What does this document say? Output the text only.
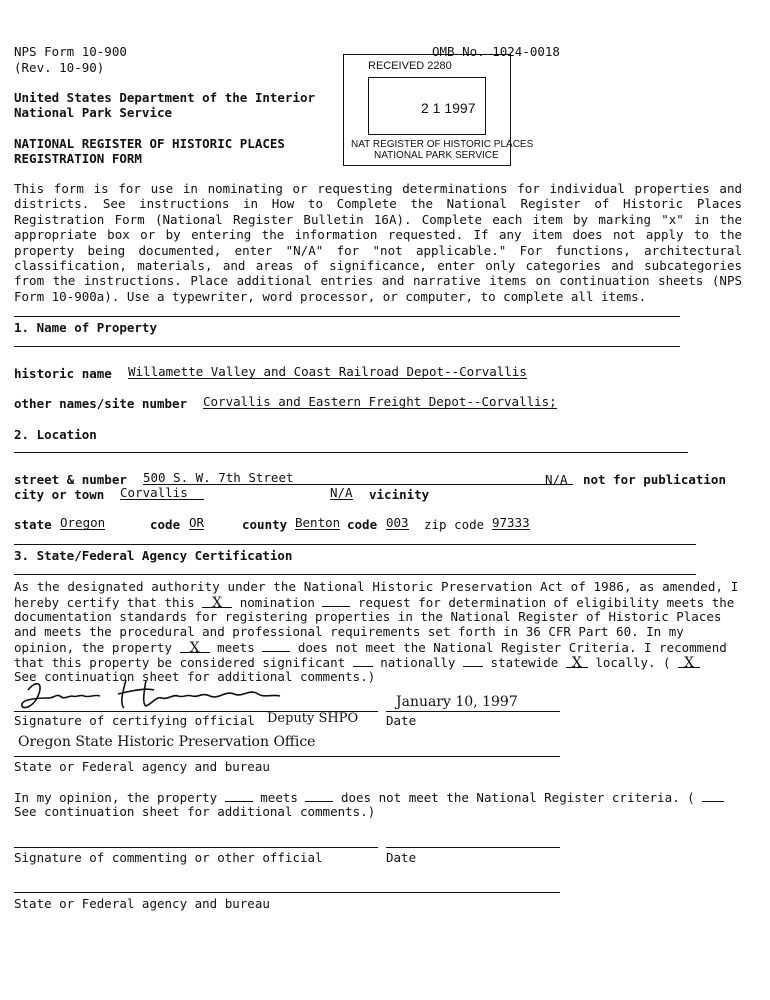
NPS Form 10-900
(Rev. 10-90)
OMB No. 1024-0018
United States Department of the Interior
National Park Service
NATIONAL REGISTER OF HISTORIC PLACES
REGISTRATION FORM
RECEIVED 2280
2 1 1997
NAT REGISTER OF HISTORIC PLACES
NATIONAL PARK SERVICE
This form is for use in nominating or requesting determinations for individual properties and
districts. See instructions in How to Complete the National Register of Historic Places
Registration Form (National Register Bulletin 16A). Complete each item by marking "x" in the
appropriate box or by entering the information requested. If any item does not apply to the
property being documented, enter "N/A" for "not applicable." For functions, architectural
classification, materials, and areas of significance, enter only categories and subcategories
from the instructions. Place additional entries and narrative items on continuation sheets (NPS
Form 10-900a). Use a typewriter, word processor, or computer, to complete all items.
1. Name of Property
historic name Willamette Valley and Coast Railroad Depot--Corvallis
other names/site number Corvallis and Eastern Freight Depot--Corvallis;
2. Location
street & number 500 S. W. 7th Street	N/A not for publication
city or town Corvallis	N/A vicinity
state Oregon	code OR	county Benton code 003 zip code 97333
3. State/Federal Agency Certification
As the designated authority under the National Historic Preservation Act of 1986, as amended, I
hereby certify that this X nomination	request for determination of eligibility meets the
documentation standards for registering properties in the National Register of Historic Places
and meets the procedural and professional requirements set forth in 36 CFR Part 60. In my
opinion, the property X meets	does not meet the National Register Criteria. I recommend
that this property be considered significant	nationally	statewide X locally. ( X
See continuation sheet for additional comments.)
January 10, 1997
Signature of certifying official Deputy SHPO Date
Oregon State Historic Preservation Office
State or Federal agency and bureau
In my opinion, the property	meets	does not meet the National Register criteria. (
See continuation sheet for additional comments.)
Signature of commenting or other official	Date
State or Federal agency and bureau
